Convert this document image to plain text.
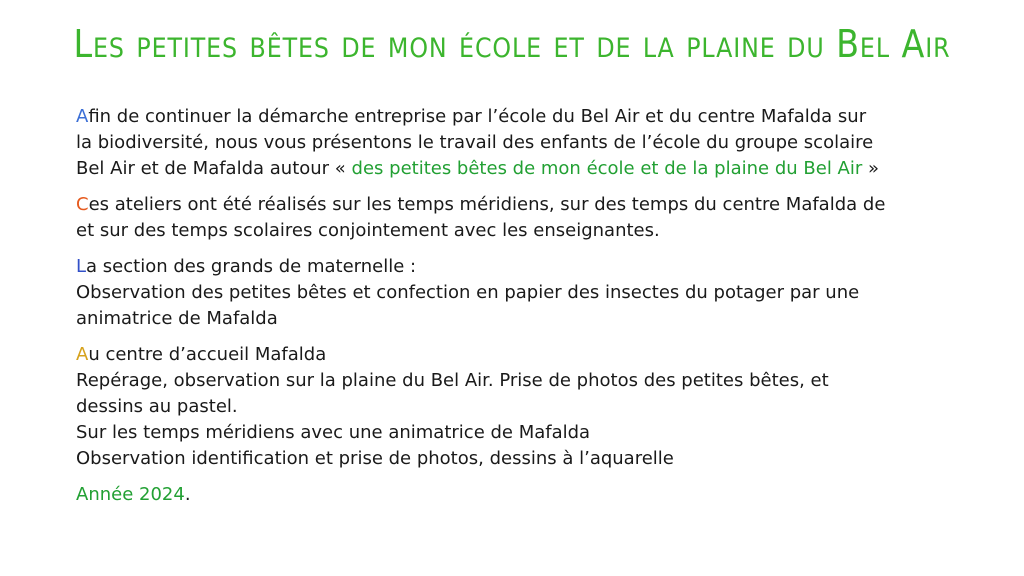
Les petites bêtes de mon école et de la plaine du Bel Air
Afin de continuer la démarche entreprise par l’école du Bel Air et du centre Mafalda sur
la biodiversité, nous vous présentons le travail des enfants de l’école du groupe scolaire
Bel Air et de Mafalda autour « des petites bêtes de mon école et de la plaine du Bel Air »
Ces ateliers ont été réalisés sur les temps méridiens, sur des temps du centre Mafalda de
et sur des temps scolaires conjointement avec les enseignantes.
La section des grands de maternelle :
Observation des petites bêtes et confection en papier des insectes du potager par une
animatrice de Mafalda
Au centre d’accueil Mafalda
Repérage, observation sur la plaine du Bel Air. Prise de photos des petites bêtes, et
dessins au pastel.
Sur les temps méridiens avec une animatrice de Mafalda
Observation identification et prise de photos, dessins à l’aquarelle
Année 2024.
